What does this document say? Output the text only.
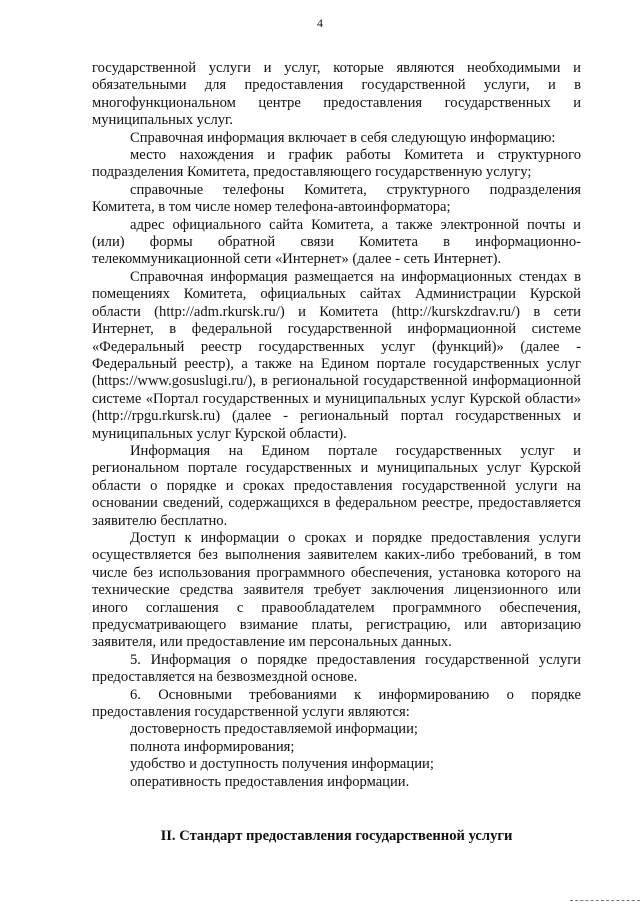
4

государственной услуги и услуг, которые являются необходимыми и обязательными для предоставления государственной услуги, и в многофункциональном центре предоставления государственных и муниципальных услуг.

Справочная информация включает в себя следующую информацию:

место нахождения и график работы Комитета и структурного подразделения Комитета, предоставляющего государственную услугу;

справочные телефоны Комитета, структурного подразделения Комитета, в том числе номер телефона-автоинформатора;

адрес официального сайта Комитета, а также электронной почты и (или) формы обратной связи Комитета в информационно-телекоммуникационной сети «Интернет» (далее - сеть Интернет).

Справочная информация размещается на информационных стендах в помещениях Комитета, официальных сайтах Администрации Курской области (http://adm.rkursk.ru/) и Комитета (http://kurskzdrav.ru/) в сети Интернет, в федеральной государственной информационной системе «Федеральный реестр государственных услуг (функций)» (далее - Федеральный реестр), а также на Едином портале государственных услуг (https://www.gosuslugi.ru/), в региональной государственной информационной системе «Портал государственных и муниципальных услуг Курской области» (http://rpgu.rkursk.ru) (далее - региональный портал государственных и муниципальных услуг Курской области).

Информация на Едином портале государственных услуг и региональном портале государственных и муниципальных услуг Курской области о порядке и сроках предоставления государственной услуги на основании сведений, содержащихся в федеральном реестре, предоставляется заявителю бесплатно.

Доступ к информации о сроках и порядке предоставления услуги осуществляется без выполнения заявителем каких-либо требований, в том числе без использования программного обеспечения, установка которого на технические средства заявителя требует заключения лицензионного или иного соглашения с правообладателем программного обеспечения, предусматривающего взимание платы, регистрацию, или авторизацию заявителя, или предоставление им персональных данных.

5. Информация о порядке предоставления государственной услуги предоставляется на безвозмездной основе.

6. Основными требованиями к информированию о порядке предоставления государственной услуги являются:

достоверность предоставляемой информации;

полнота информирования;

удобство и доступность получения информации;

оперативность предоставления информации.

II. Стандарт предоставления государственной услуги
